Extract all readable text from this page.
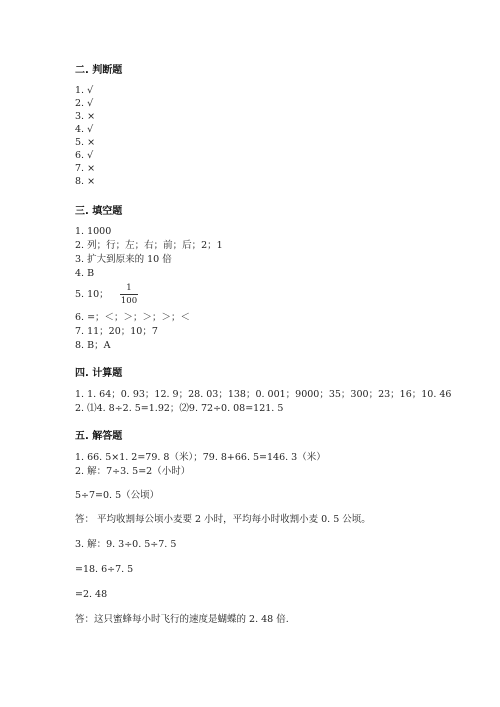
二. 判断题
1. √
2. √
3. ×
4. √
5. ×
6. √
7. ×
8. ×
三. 填空题
1. 1000
2. 列；行；左；右；前；后；2；1
3. 扩大到原来的 10 倍
4. B
5. 10；
1
100
6. =；＜；＞；＞；＞；＜
7. 11；20；10；7
8. B；A
四. 计算题
1. 1. 64；0. 93；12. 9；28. 03；138；0. 001；9000；35；300；23；16；10. 46
2. ⑴4. 8÷2. 5=1.92；⑵9. 72÷0. 08=121. 5
五. 解答题
1. 66. 5×1. 2=79. 8（米）；79. 8+66. 5=146. 3（米）
2. 解：7÷3. 5=2（小时）
5÷7=0. 5（公顷）
答： 平均收割每公顷小麦要 2 小时，平均每小时收割小麦 0. 5 公顷。
3. 解：9. 3÷0. 5÷7. 5
=18. 6÷7. 5
=2. 48
答：这只蜜蜂每小时飞行的速度是蝴蝶的 2. 48 倍.
